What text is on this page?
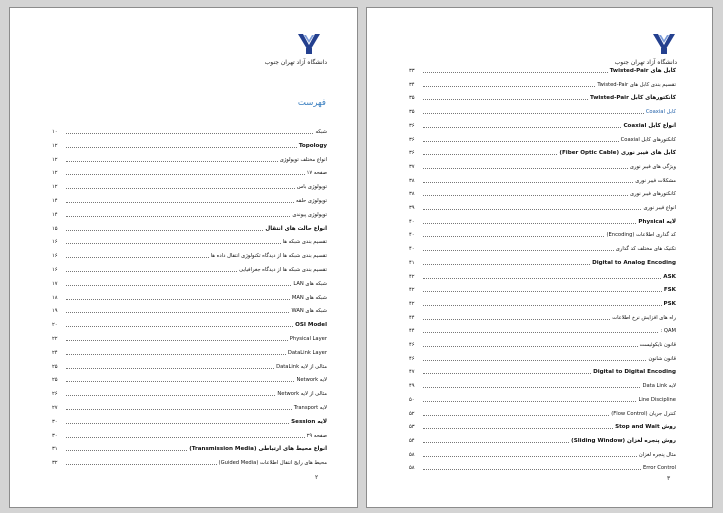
دانشگاه آزاد تهران جنوب
فهرست
۱۰	شبکه
۱۲	Topology
۱۲	انواع مختلف توپولوژی
۱۲	صفحه ۱۷
۱۲	توپولوژی باس
۱۴	توپولوژی حلقه
۱۴	توپولوژی پیوندی
۱۵	انواع حالت های انتقال
۱۶	تقسیم بندی شبکه ها
۱۶	تقسیم بندی شبکه ها از دیدگاه تکنولوژی انتقال داده ها
۱۶	تقسیم بندی شبکه ها از دیدگاه جغرافیایی
۱۷	شبکه های LAN
۱۸	شبکه های MAN
۱۹	شبکه های WAN
۲۰	OSI Model
۲۲	Physical Layer
۲۴	DataLink Layer
۲۵	مثالی از لایه DataLink
۲۵	لایه Network
۲۶	مثالی از لایه Network
۲۷	لایه Transport
۳۰	لایه Session
۳۰	صفحه ۲۹
۳۱	انواع محیط های ارتباطی (Transmission Media)
۳۲	محیط های رایج انتقال اطلاعات (Guided Media)
۲
دانشگاه آزاد تهران جنوب
۳۳	کابل های Twisted-Pair
۳۴	تقسیم بندی کابل های Twisted-Pair
۳۵	کانکتورهای کابل Twisted-Pair
۳۵	کابل Coaxial
۳۶	انواع کابل Coaxial
۳۶	کانکتورهای کابل Coaxial
۳۶	کابل های فیبر نوری (Fiber Optic Cable)
۳۷	ویژگی های فیبر نوری
۳۸	مشکلات فیبر نوری
۳۸	کانکتورهای فیبر نوری
۳۹	انواع فیبر نوری
۴۰	لایه Physical
۴۰	کد گذاری اطلاعات (Encoding)
۴۰	تکنیک های مختلف کد گذاری
۴۱	Digital to Analog Encoding
۴۲	ASK
۴۲	FSK
۴۲	PSK
۴۴	راه های افزایش نرخ اطلاعات
۴۴	QAM :
۴۶	قانون نایکوئیست
۴۶	قانون شانون
۴۷	Digital to Digital Encoding
۴۹	لایه Data Link
۵۰	Line Discipline
۵۲	کنترل جریان (Flow Control)
۵۳	روش Stop and Wait
۵۴	روش پنجره لغزان (Sliding Window)
۵۸	مثال پنجره لغزان
۵۸	Error Control
۳
